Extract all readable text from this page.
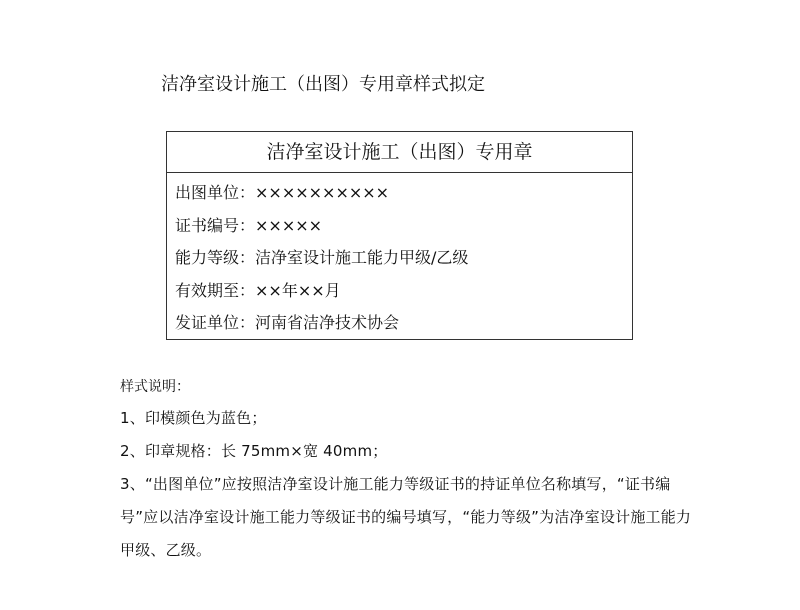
洁净室设计施工（出图）专用章样式拟定
洁净室设计施工（出图）专用章
出图单位：××××××××××
证书编号：×××××
能力等级：洁净室设计施工能力甲级/乙级
有效期至：××年××月
发证单位：河南省洁净技术协会
样式说明：
1、印模颜色为蓝色；
2、印章规格：长 75mm×宽 40mm；
3、“出图单位”应按照洁净室设计施工能力等级证书的持证单位名称填写，“证书编号”应以洁净室设计施工能力等级证书的编号填写，“能力等级”为洁净室设计施工能力甲级、乙级。
